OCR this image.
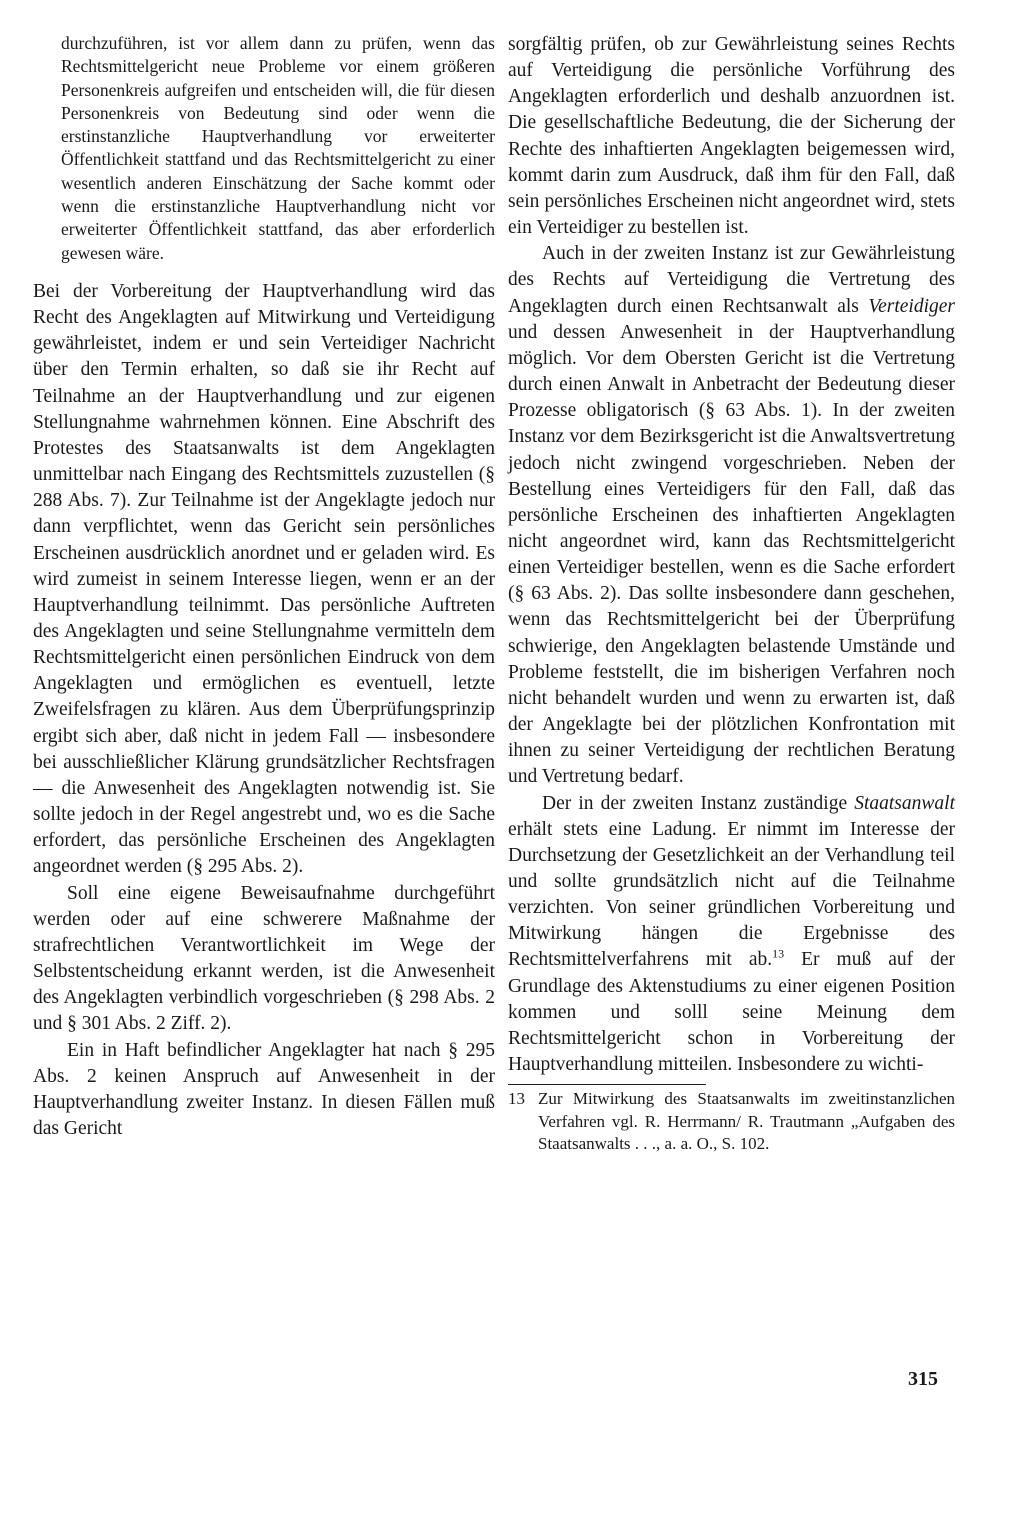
durchzuführen, ist vor allem dann zu prüfen, wenn das Rechtsmittelgericht neue Probleme vor einem größeren Personenkreis aufgreifen und entscheiden will, die für diesen Personenkreis von Bedeutung sind oder wenn die erstinstanzliche Hauptverhandlung vor erweiterter Öffentlichkeit stattfand und das Rechtsmittelgericht zu einer wesentlich anderen Einschätzung der Sache kommt oder wenn die erstinstanzliche Hauptverhandlung nicht vor erweiterter Öffentlichkeit stattfand, das aber erforderlich gewesen wäre.

Bei der Vorbereitung der Hauptverhandlung wird das Recht des Angeklagten auf Mitwirkung und Verteidigung gewährleistet, indem er und sein Verteidiger Nachricht über den Termin erhalten, so daß sie ihr Recht auf Teilnahme an der Hauptverhandlung und zur eigenen Stellungnahme wahrnehmen können. Eine Abschrift des Protestes des Staatsanwalts ist dem Angeklagten unmittelbar nach Eingang des Rechtsmittels zuzustellen (§ 288 Abs. 7). Zur Teilnahme ist der Angeklagte jedoch nur dann verpflichtet, wenn das Gericht sein persönliches Erscheinen ausdrücklich anordnet und er geladen wird. Es wird zumeist in seinem Interesse liegen, wenn er an der Hauptverhandlung teilnimmt. Das persönliche Auftreten des Angeklagten und seine Stellungnahme vermitteln dem Rechtsmittelgericht einen persönlichen Eindruck von dem Angeklagten und ermöglichen es eventuell, letzte Zweifelsfragen zu klären. Aus dem Überprüfungsprinzip ergibt sich aber, daß nicht in jedem Fall — insbesondere bei ausschließlicher Klärung grundsätzlicher Rechtsfragen — die Anwesenheit des Angeklagten notwendig ist. Sie sollte jedoch in der Regel angestrebt und, wo es die Sache erfordert, das persönliche Erscheinen des Angeklagten angeordnet werden (§ 295 Abs. 2).

Soll eine eigene Beweisaufnahme durchgeführt werden oder auf eine schwerere Maßnahme der strafrechtlichen Verantwortlichkeit im Wege der Selbstentscheidung erkannt werden, ist die Anwesenheit des Angeklagten verbindlich vorgeschrieben (§ 298 Abs. 2 und § 301 Abs. 2 Ziff. 2).

Ein in Haft befindlicher Angeklagter hat nach § 295 Abs. 2 keinen Anspruch auf Anwesenheit in der Hauptverhandlung zweiter Instanz. In diesen Fällen muß das Gericht

sorgfältig prüfen, ob zur Gewährleistung seines Rechts auf Verteidigung die persönliche Vorführung des Angeklagten erforderlich und deshalb anzuordnen ist. Die gesellschaftliche Bedeutung, die der Sicherung der Rechte des inhaftierten Angeklagten beigemessen wird, kommt darin zum Ausdruck, daß ihm für den Fall, daß sein persönliches Erscheinen nicht angeordnet wird, stets ein Verteidiger zu bestellen ist.

Auch in der zweiten Instanz ist zur Gewährleistung des Rechts auf Verteidigung die Vertretung des Angeklagten durch einen Rechtsanwalt als Verteidiger und dessen Anwesenheit in der Hauptverhandlung möglich. Vor dem Obersten Gericht ist die Vertretung durch einen Anwalt in Anbetracht der Bedeutung dieser Prozesse obligatorisch (§ 63 Abs. 1). In der zweiten Instanz vor dem Bezirksgericht ist die Anwaltsvertretung jedoch nicht zwingend vorgeschrieben. Neben der Bestellung eines Verteidigers für den Fall, daß das persönliche Erscheinen des inhaftierten Angeklagten nicht angeordnet wird, kann das Rechtsmittelgericht einen Verteidiger bestellen, wenn es die Sache erfordert (§ 63 Abs. 2). Das sollte insbesondere dann geschehen, wenn das Rechtsmittelgericht bei der Überprüfung schwierige, den Angeklagten belastende Umstände und Probleme feststellt, die im bisherigen Verfahren noch nicht behandelt wurden und wenn zu erwarten ist, daß der Angeklagte bei der plötzlichen Konfrontation mit ihnen zu seiner Verteidigung der rechtlichen Beratung und Vertretung bedarf.

Der in der zweiten Instanz zuständige Staatsanwalt erhält stets eine Ladung. Er nimmt im Interesse der Durchsetzung der Gesetzlichkeit an der Verhandlung teil und sollte grundsätzlich nicht auf die Teilnahme verzichten. Von seiner gründlichen Vorbereitung und Mitwirkung hängen die Ergebnisse des Rechtsmittelverfahrens mit ab.$^{13}$ Er muß auf der Grundlage des Aktenstudiums zu einer eigenen Position kommen und solll seine Meinung dem Rechtsmittelgericht schon in Vorbereitung der Hauptverhandlung mitteilen. Insbesondere zu wichti-

13 Zur Mitwirkung des Staatsanwalts im zweitinstanzlichen Verfahren vgl. R. Herrmann/ R. Trautmann „Aufgaben des Staatsanwalts . . ., a. a. O., S. 102.
315
